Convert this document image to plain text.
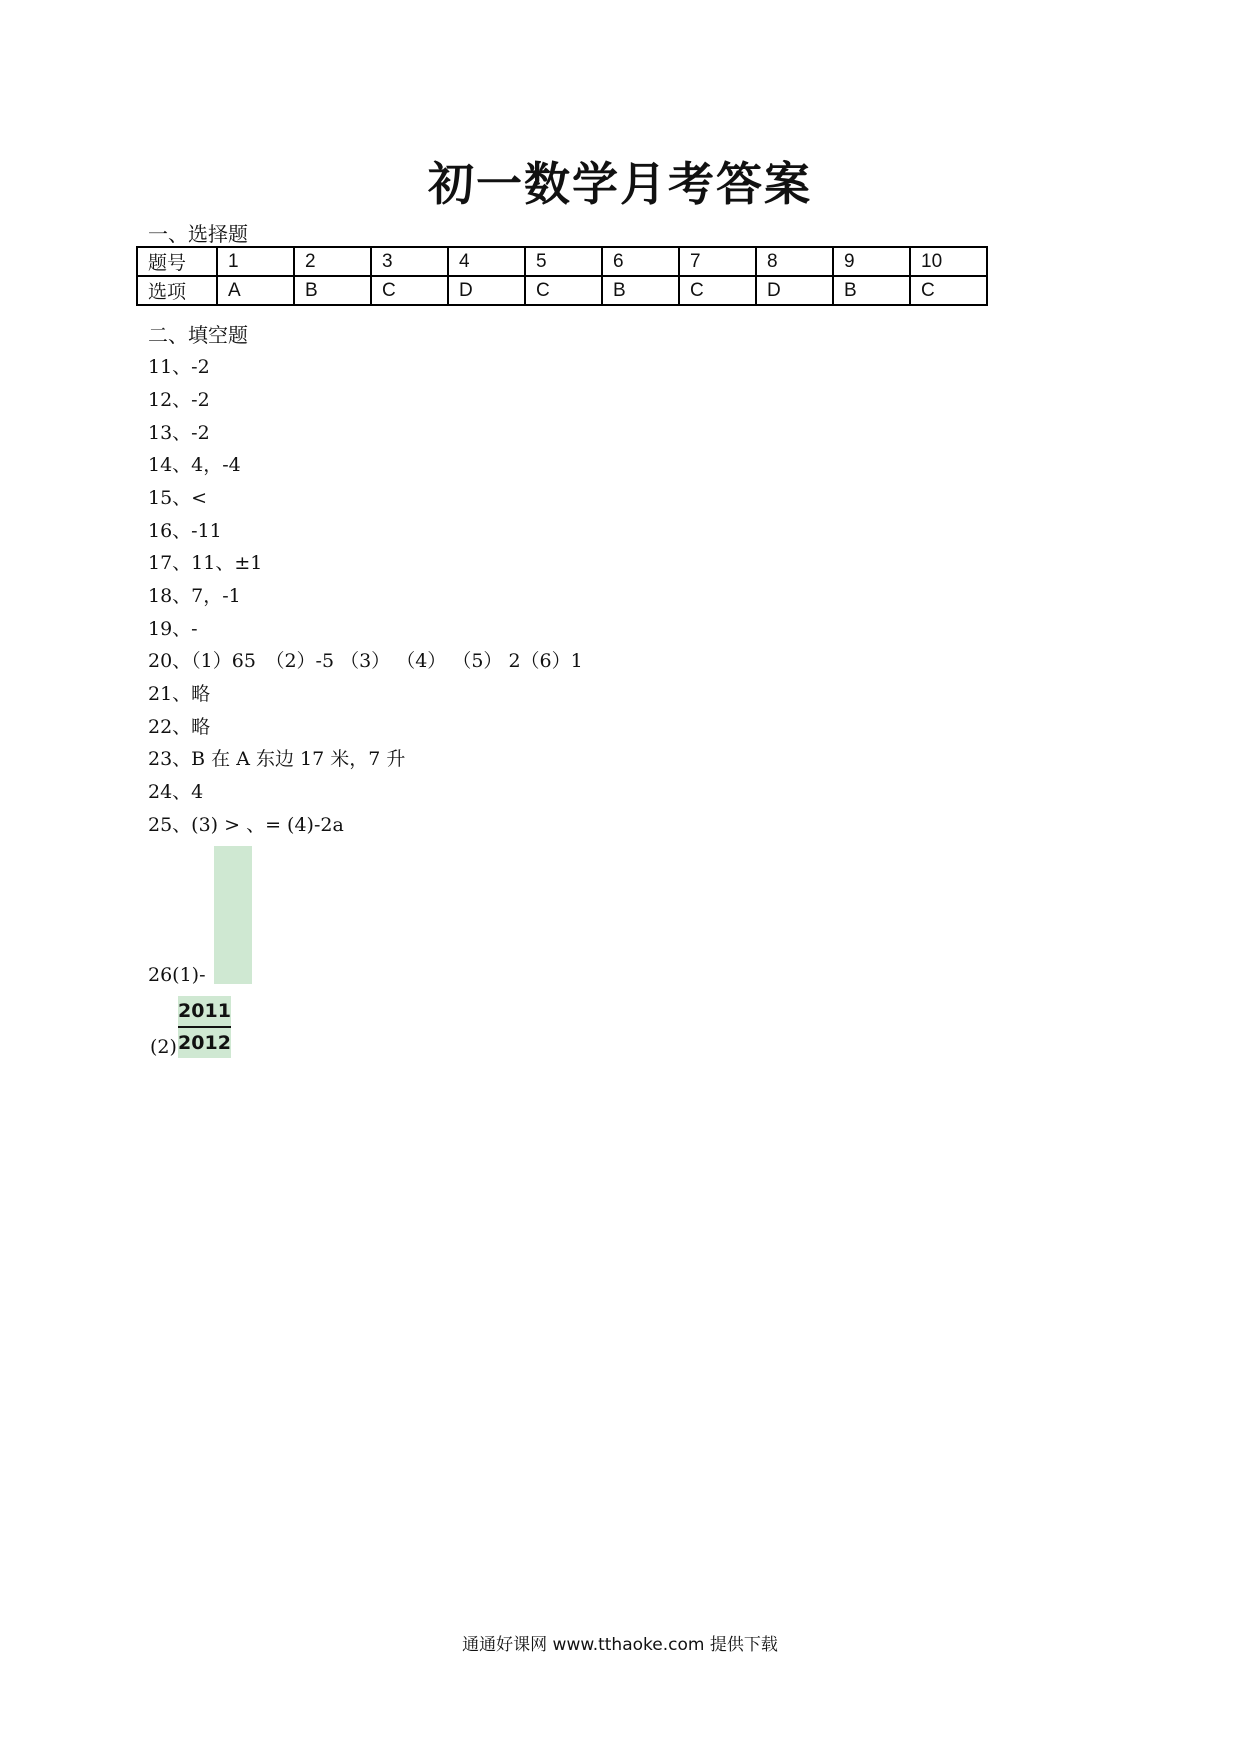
初一数学月考答案
一、选择题
题号	1	2	3	4	5	6	7	8	9	10
选项	A	B	C	D	C	B	C	D	B	C
二、填空题
11、-2
12、-2
13、-2
14、4，-4
15、<
16、-11
17、11、±1
18、7，-1
19、-
20、（1）65　（2）-5 （3） （4） （5） 2（6）1
21、略
22、略
23、B 在 A 东边 17 米，7 升
24、4
25、(3) > 、= (4)-2a
26(1)-
2011
2012
(2)
通通好课网 www.tthaoke.com 提供下载
